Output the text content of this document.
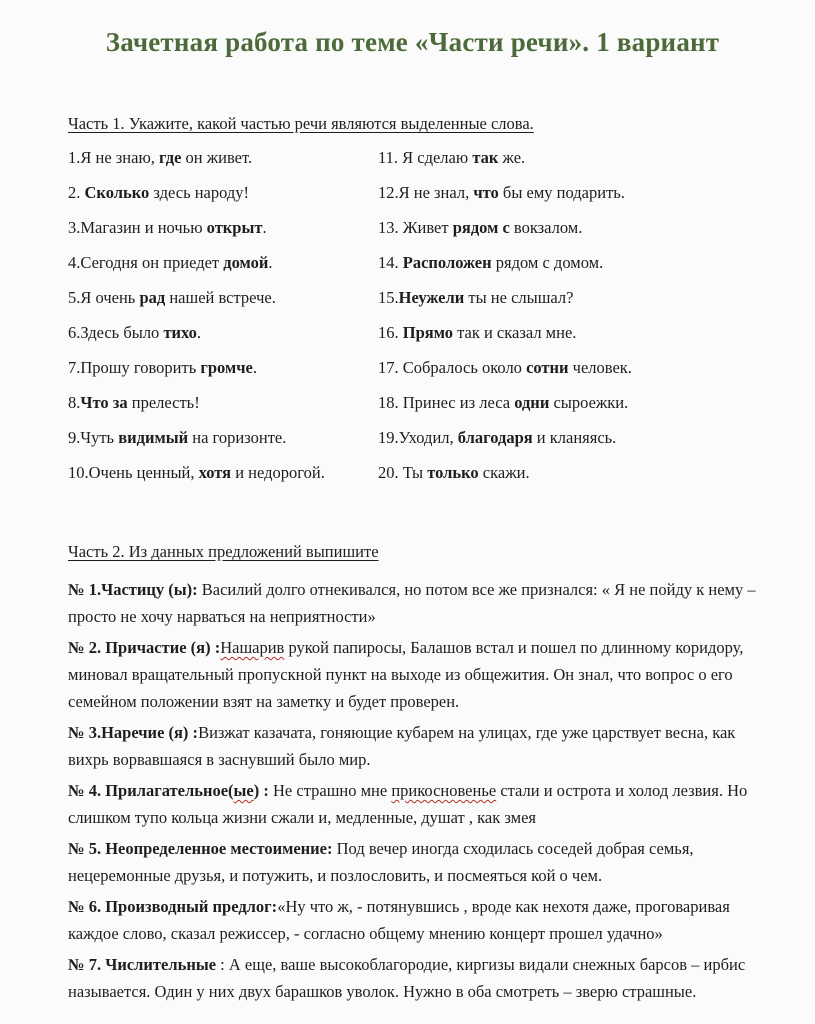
Зачетная работа по теме «Части речи». 1 вариант
Часть 1. Укажите, какой частью речи являются выделенные слова.

1.Я не знаю, где он живет.

2. Сколько здесь народу!

3.Магазин и ночью открыт.

4.Сегодня он приедет домой.

5.Я очень рад нашей встрече.

6.Здесь было тихо.

7.Прошу говорить громче.

8.Что за прелесть!

9.Чуть видимый на горизонте.

10.Очень ценный, хотя и недорогой.

11. Я сделаю так же.

12.Я не знал, что бы ему подарить.

13. Живет рядом с вокзалом.

14. Расположен рядом с домом.

15.Неужели ты не слышал?

16. Прямо так и сказал мне.

17. Собралось около сотни человек.

18. Принес из леса одни сыроежки.

19.Уходил, благодаря и кланяясь.

20. Ты только скажи.

Часть 2. Из данных предложений выпишите

№ 1.Частицу (ы): Василий долго отнекивался, но потом все же признался: « Я не пойду к нему – просто не хочу нарваться на неприятности»

№ 2. Причастие (я) :Нашарив рукой папиросы, Балашов встал и пошел по длинному коридору, миновал вращательный пропускной пункт на выходе из общежития. Он знал, что вопрос о его семейном положении взят на заметку и будет проверен.

№ 3.Наречие (я) :Визжат казачата, гоняющие кубарем на улицах, где уже царствует весна, как вихрь ворвавшаяся в заснувший было мир.

№ 4. Прилагательное(ые) : Не страшно мне прикосновенье стали и острота и холод лезвия. Но слишком тупо кольца жизни сжали и, медленные, душат , как змея

№ 5. Неопределенное местоимение: Под вечер иногда сходилась соседей добрая семья, нецеремонные друзья, и потужить, и позлословить, и посмеяться кой о чем.

№ 6. Производный предлог:«Ну что ж, - потянувшись , вроде как нехотя даже, проговаривая каждое слово, сказал режиссер, - согласно общему мнению концерт прошел удачно»

№ 7. Числительные : А еще, ваше высокоблагородие, киргизы видали снежных барсов – ирбис называется. Один у них двух барашков уволок. Нужно в оба смотреть – зверю страшные.
